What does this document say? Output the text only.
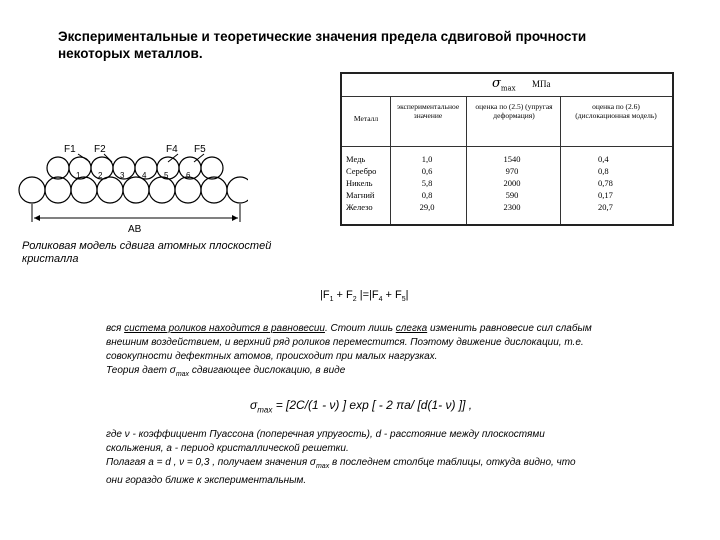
Экспериментальные и теоретические значения предела сдвиговой прочности
некоторых металлов.
$\sigma_{max}$ МПа
Металл
экспериментальное значение
оценка по (2.5) (упругая деформация)
оценка по (2.6) (дислокационная модель)
Медь	1,0	1540	0,4
Серебро	0,6	970	0,8
Никель	5,8	2000	0,78
Магний	0,8	590	0,17
Железо	29,0	2300	20,7
F1 F2	F4 F5
1 2 3 4 5 6
AB
Роликовая модель сдвига атомных плоскостей
кристалла
$|F_1 + F_2$ $|=|F_4 + F_5|$
вся система роликов находится в равновесии. Стоит лишь слегка изменить равновесие сил слабым
внешним воздействием, и верхний ряд роликов переместится. Поэтому движение дислокации, т.е.
совокупности дефектных атомов, происходит при малых нагрузках.
Теория дает $\sigma_{max}$ сдвигающее дислокацию, в виде
$\sigma_{max} = [2C/(1 - \nu)$ ] exp [ - 2 πa/ [d(1- ν) ]] ,
где ν - коэффициент Пуассона (поперечная упругость), d - расстояние между плоскостями
скольжения, a - период кристаллической решетки.
Полагая a = d , ν = 0,3 , получаем значения $\sigma_{max}$ в последнем столбце таблицы, откуда видно, что
они гораздо ближе к экспериментальным.
